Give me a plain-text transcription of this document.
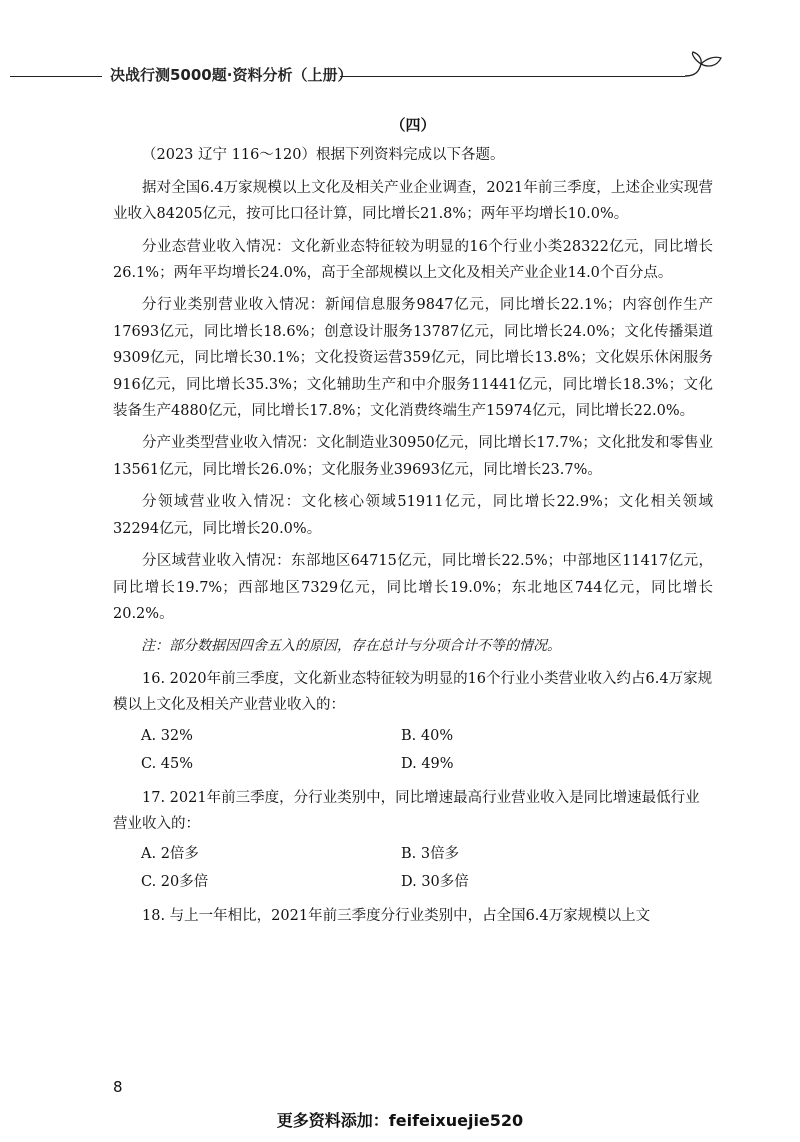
决战行测5000题·资料分析（上册）
（四）

（2023 辽宁 116～120）根据下列资料完成以下各题。

据对全国6.4万家规模以上文化及相关产业企业调查，2021年前三季度，上述企业实现营业收入84205亿元，按可比口径计算，同比增长21.8%；两年平均增长10.0%。

分业态营业收入情况：文化新业态特征较为明显的16个行业小类28322亿元，同比增长26.1%；两年平均增长24.0%，高于全部规模以上文化及相关产业企业14.0个百分点。

分行业类别营业收入情况：新闻信息服务9847亿元，同比增长22.1%；内容创作生产17693亿元，同比增长18.6%；创意设计服务13787亿元，同比增长24.0%；文化传播渠道9309亿元，同比增长30.1%；文化投资运营359亿元，同比增长13.8%；文化娱乐休闲服务916亿元，同比增长35.3%；文化辅助生产和中介服务11441亿元，同比增长18.3%；文化装备生产4880亿元，同比增长17.8%；文化消费终端生产15974亿元，同比增长22.0%。

分产业类型营业收入情况：文化制造业30950亿元，同比增长17.7%；文化批发和零售业13561亿元，同比增长26.0%；文化服务业39693亿元，同比增长23.7%。

分领域营业收入情况：文化核心领域51911亿元，同比增长22.9%；文化相关领域32294亿元，同比增长20.0%。

分区域营业收入情况：东部地区64715亿元，同比增长22.5%；中部地区11417亿元，同比增长19.7%；西部地区7329亿元，同比增长19.0%；东北地区744亿元，同比增长20.2%。

注：部分数据因四舍五入的原因，存在总计与分项合计不等的情况。

16. 2020年前三季度，文化新业态特征较为明显的16个行业小类营业收入约占6.4万家规模以上文化及相关产业营业收入的：

A. 32%	B. 40%
C. 45%	D. 49%

17. 2021年前三季度，分行业类别中，同比增速最高行业营业收入是同比增速最低行业营业收入的：

A. 2倍多	B. 3倍多
C. 20多倍	D. 30多倍

18. 与上一年相比，2021年前三季度分行业类别中，占全国6.4万家规模以上文

8
更多资料添加：feifeixuejie520
